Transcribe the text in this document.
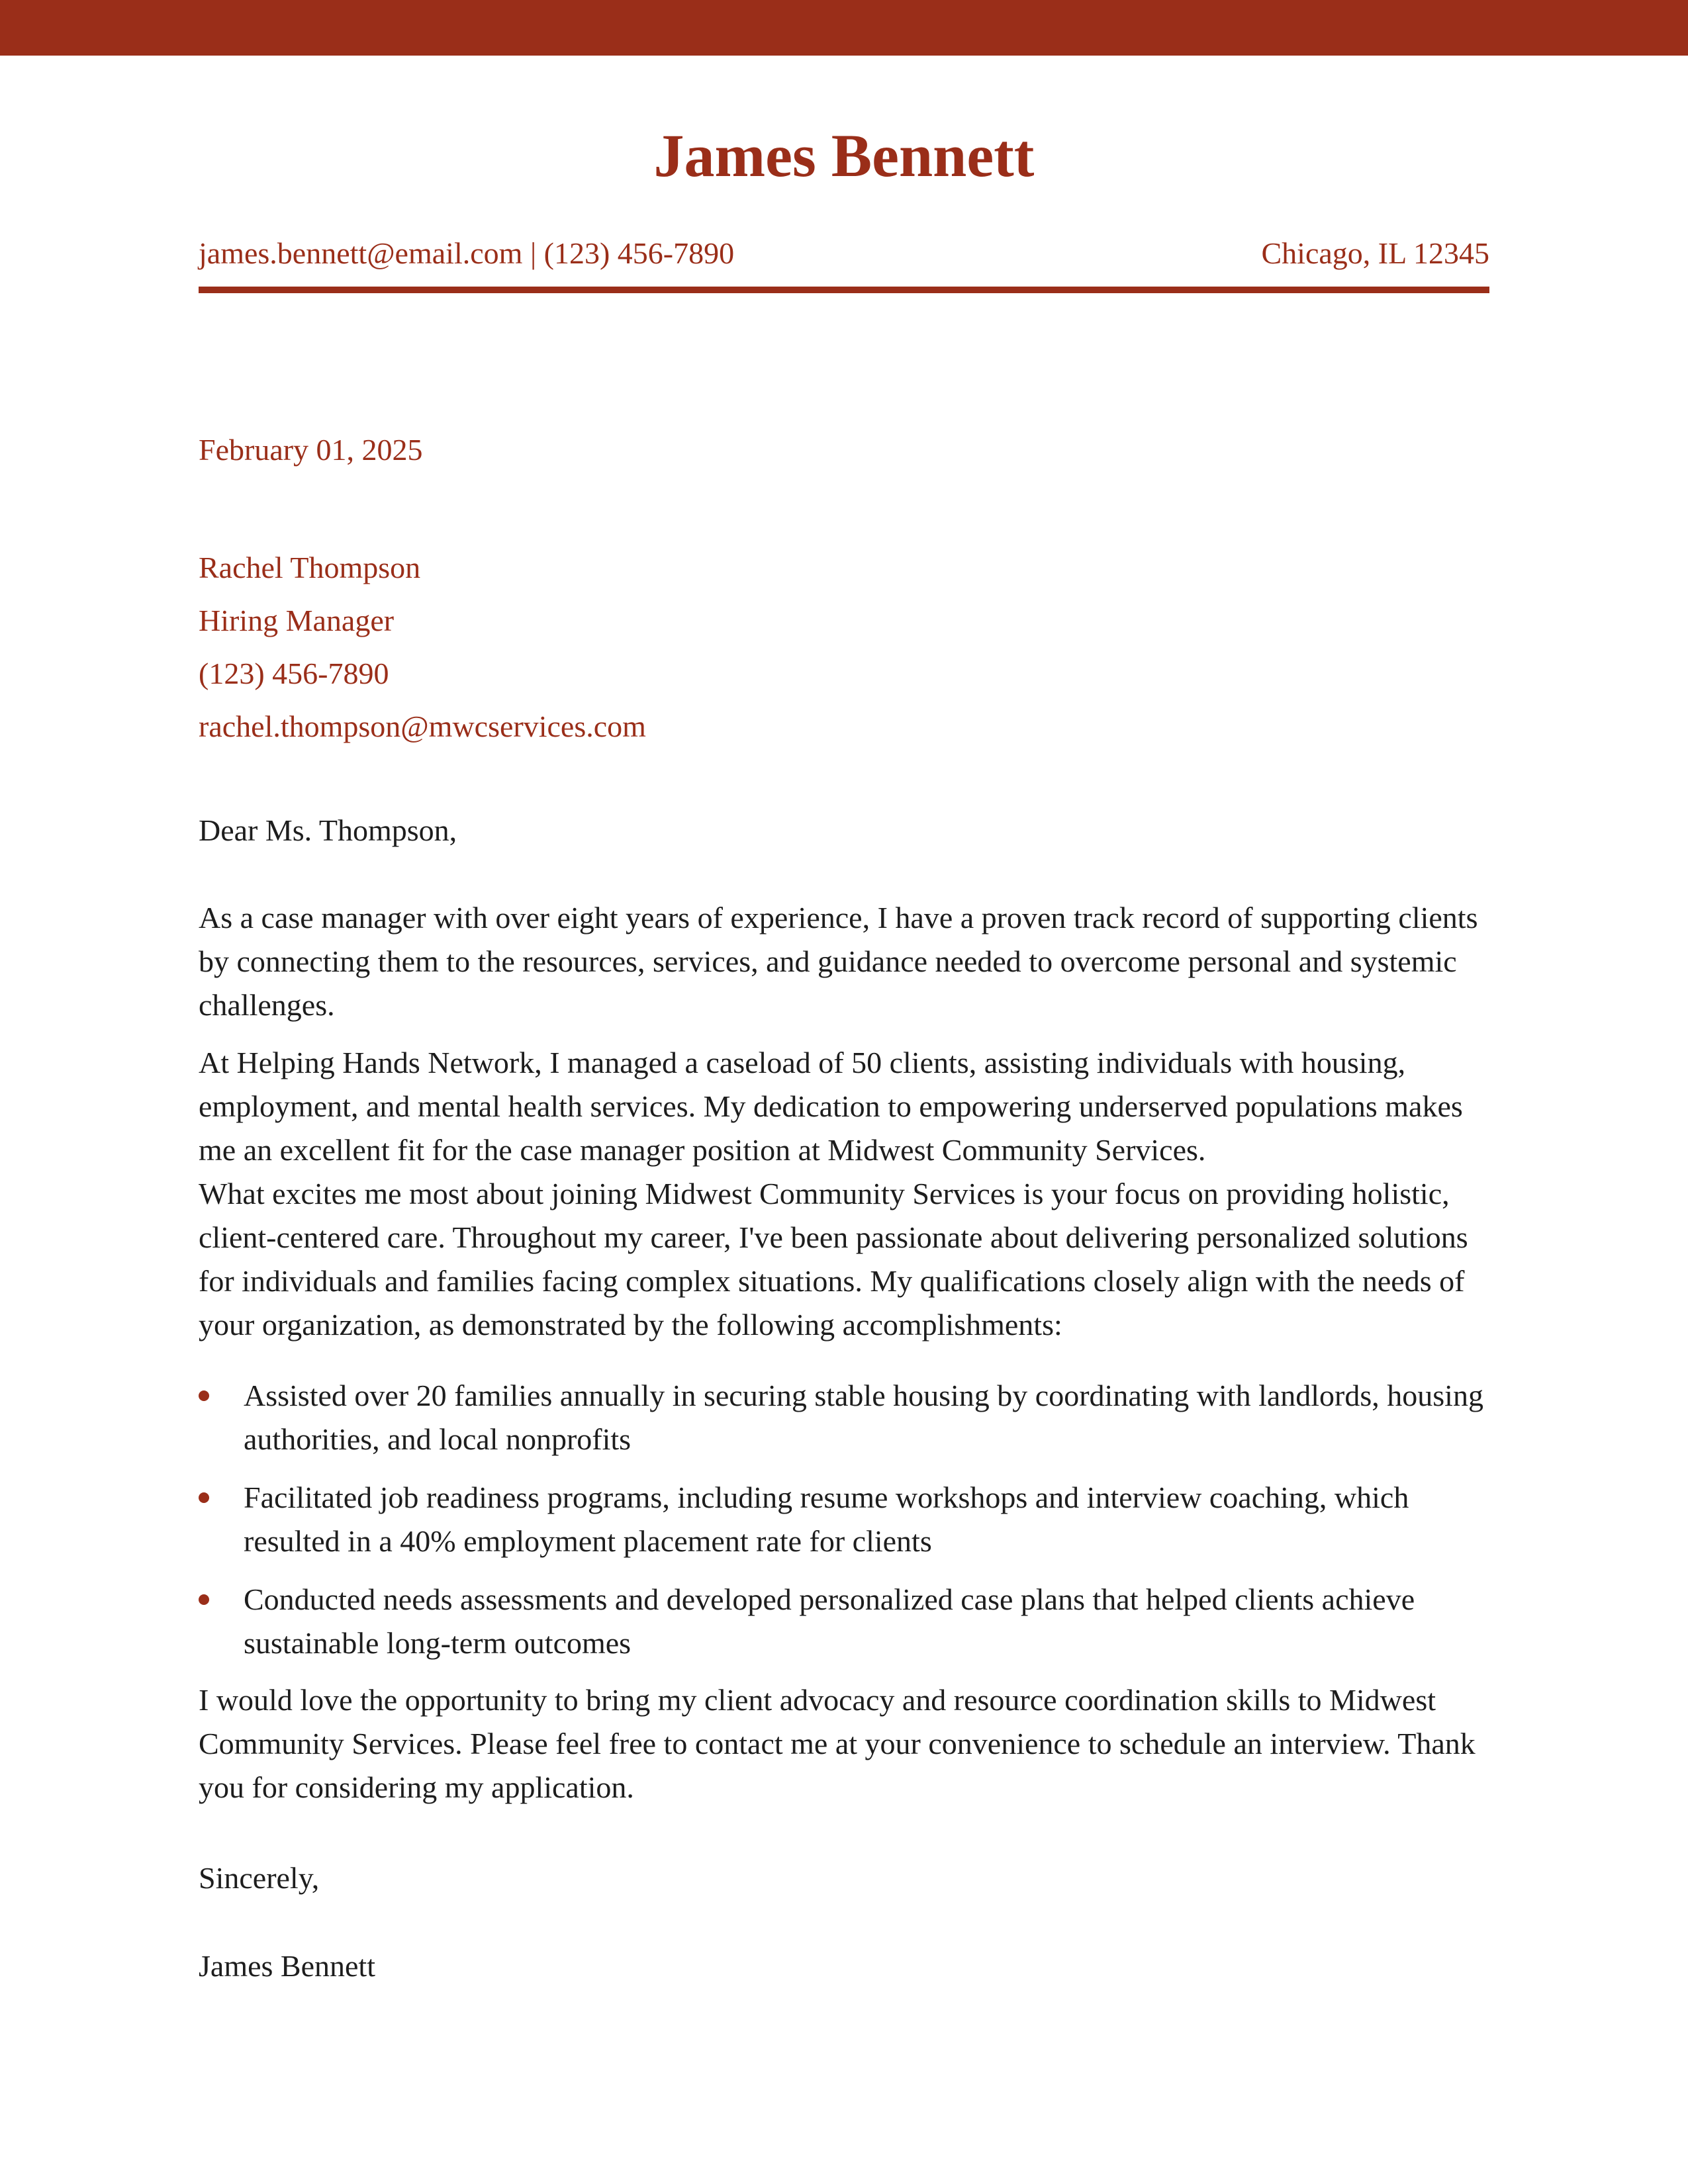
James Bennett
james.bennett@email.com | (123) 456-7890	Chicago, IL 12345
February 01, 2025
Rachel Thompson
Hiring Manager
(123) 456-7890
rachel.thompson@mwcservices.com
Dear Ms. Thompson,
As a case manager with over eight years of experience, I have a proven track record of supporting clients by connecting them to the resources, services, and guidance needed to overcome personal and systemic challenges.
At Helping Hands Network, I managed a caseload of 50 clients, assisting individuals with housing, employment, and mental health services. My dedication to empowering underserved populations makes me an excellent fit for the case manager position at Midwest Community Services.
What excites me most about joining Midwest Community Services is your focus on providing holistic, client-centered care. Throughout my career, I've been passionate about delivering personalized solutions for individuals and families facing complex situations. My qualifications closely align with the needs of your organization, as demonstrated by the following accomplishments:
Assisted over 20 families annually in securing stable housing by coordinating with landlords, housing authorities, and local nonprofits
Facilitated job readiness programs, including resume workshops and interview coaching, which resulted in a 40% employment placement rate for clients
Conducted needs assessments and developed personalized case plans that helped clients achieve sustainable long-term outcomes
I would love the opportunity to bring my client advocacy and resource coordination skills to Midwest Community Services. Please feel free to contact me at your convenience to schedule an interview. Thank you for considering my application.
Sincerely,
James Bennett
